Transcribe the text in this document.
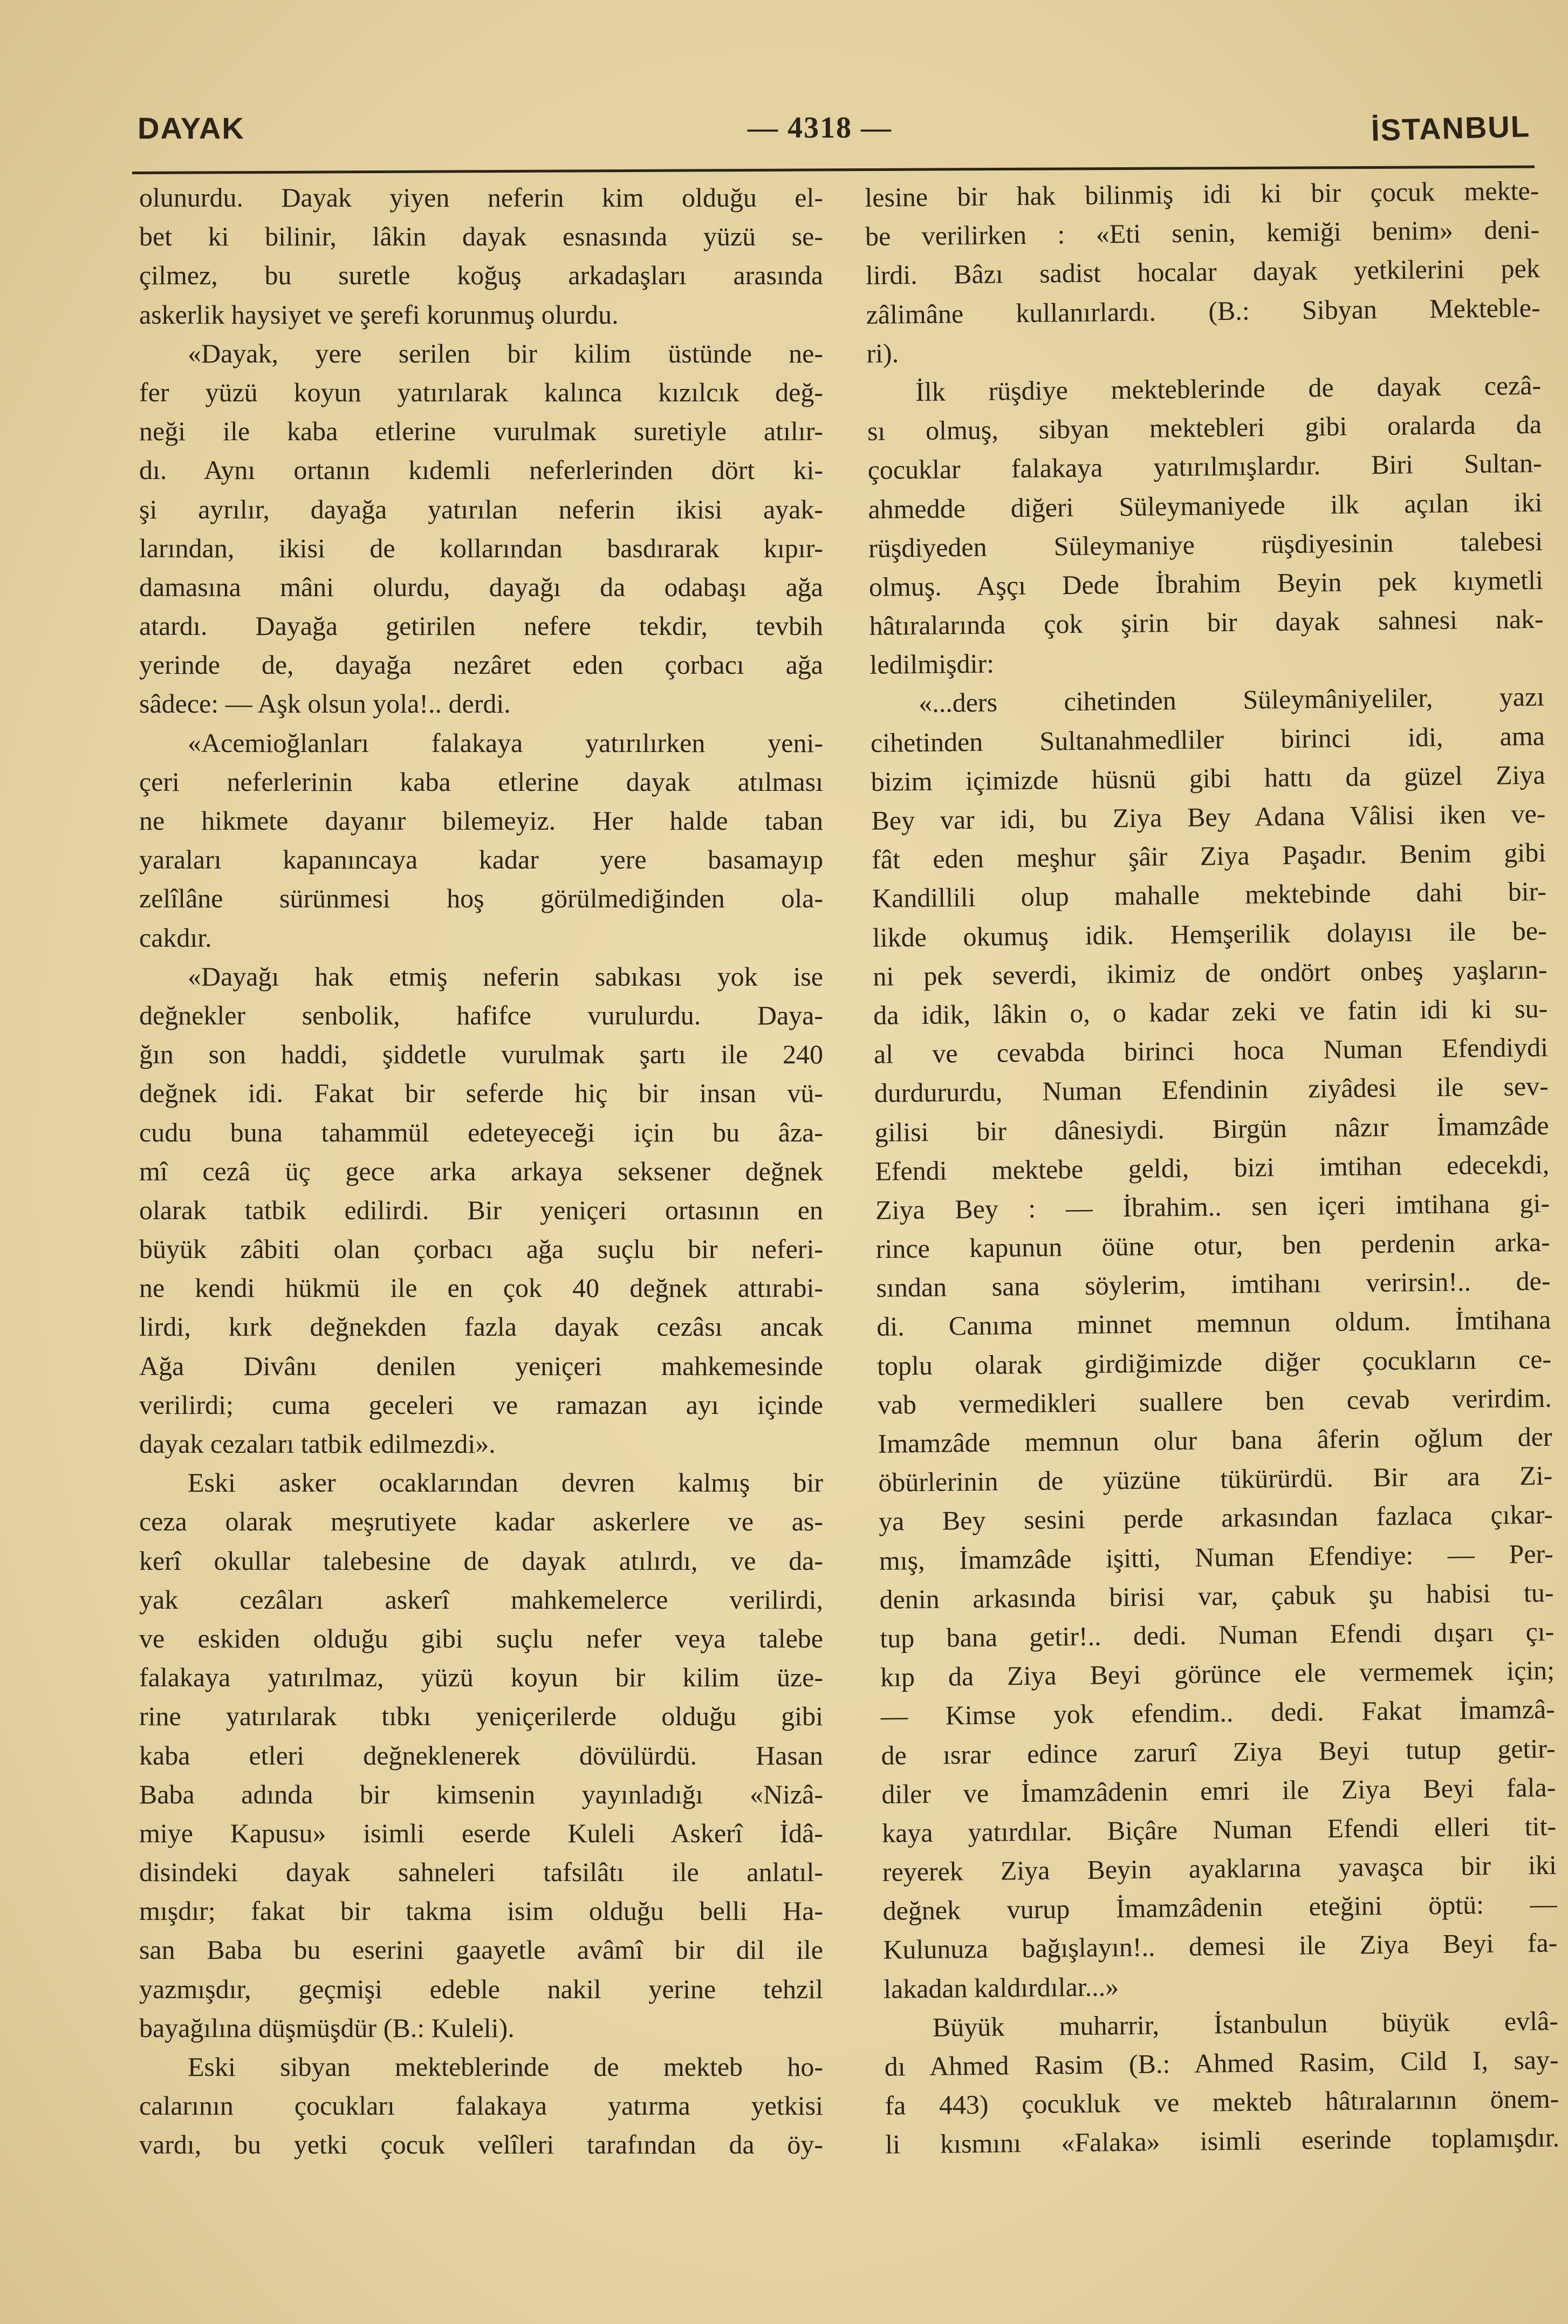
DAYAK	— 4318 —	İSTANBUL
olunurdu. Dayak yiyen neferin kim olduğu el-
bet ki bilinir, lâkin dayak esnasında yüzü se-
çilmez, bu suretle koğuş arkadaşları arasında
askerlik haysiyet ve şerefi korunmuş olurdu.
«Dayak, yere serilen bir kilim üstünde ne-
fer yüzü koyun yatırılarak kalınca kızılcık değ-
neği ile kaba etlerine vurulmak suretiyle atılır-
dı. Aynı ortanın kıdemli neferlerinden dört ki-
şi ayrılır, dayağa yatırılan neferin ikisi ayak-
larından, ikisi de kollarından basdırarak kıpır-
damasına mâni olurdu, dayağı da odabaşı ağa
atardı. Dayağa getirilen nefere tekdir, tevbih
yerinde de, dayağa nezâret eden çorbacı ağa
sâdece: — Aşk olsun yola!.. derdi.
«Acemioğlanları falakaya yatırılırken yeni-
çeri neferlerinin kaba etlerine dayak atılması
ne hikmete dayanır bilemeyiz. Her halde taban
yaraları kapanıncaya kadar yere basamayıp
zelîlâne sürünmesi hoş görülmediğinden ola-
cakdır.
«Dayağı hak etmiş neferin sabıkası yok ise
değnekler senbolik, hafifce vurulurdu. Daya-
ğın son haddi, şiddetle vurulmak şartı ile 240
değnek idi. Fakat bir seferde hiç bir insan vü-
cudu buna tahammül edeteyeceği için bu âza-
mî cezâ üç gece arka arkaya seksener değnek
olarak tatbik edilirdi. Bir yeniçeri ortasının en
büyük zâbiti olan çorbacı ağa suçlu bir neferi-
ne kendi hükmü ile en çok 40 değnek attırabi-
lirdi, kırk değnekden fazla dayak cezâsı ancak
Ağa Divânı denilen yeniçeri mahkemesinde
verilirdi; cuma geceleri ve ramazan ayı içinde
dayak cezaları tatbik edilmezdi».
Eski asker ocaklarından devren kalmış bir
ceza olarak meşrutiyete kadar askerlere ve as-
kerî okullar talebesine de dayak atılırdı, ve da-
yak cezâları askerî mahkemelerce verilirdi,
ve eskiden olduğu gibi suçlu nefer veya talebe
falakaya yatırılmaz, yüzü koyun bir kilim üze-
rine yatırılarak tıbkı yeniçerilerde olduğu gibi
kaba etleri değneklenerek dövülürdü. Hasan
Baba adında bir kimsenin yayınladığı «Nizâ-
miye Kapusu» isimli eserde Kuleli Askerî İdâ-
disindeki dayak sahneleri tafsilâtı ile anlatıl-
mışdır; fakat bir takma isim olduğu belli Ha-
san Baba bu eserini gaayetle avâmî bir dil ile
yazmışdır, geçmişi edeble nakil yerine tehzil
bayağılına düşmüşdür (B.: Kuleli).
Eski sibyan mekteblerinde de mekteb ho-
calarının çocukları falakaya yatırma yetkisi
vardı, bu yetki çocuk velîleri tarafından da öy-
lesine bir hak bilinmiş idi ki bir çocuk mekte-
be verilirken : «Eti senin, kemiği benim» deni-
lirdi. Bâzı sadist hocalar dayak yetkilerini pek
zâlimâne kullanırlardı. (B.: Sibyan Mekteble-
ri).
İlk rüşdiye mekteblerinde de dayak cezâ-
sı olmuş, sibyan mektebleri gibi oralarda da
çocuklar falakaya yatırılmışlardır. Biri Sultan-
ahmedde diğeri Süleymaniyede ilk açılan iki
rüşdiyeden Süleymaniye rüşdiyesinin talebesi
olmuş. Aşçı Dede İbrahim Beyin pek kıymetli
hâtıralarında çok şirin bir dayak sahnesi nak-
ledilmişdir:
«...ders cihetinden Süleymâniyeliler, yazı
cihetinden Sultanahmedliler birinci idi, ama
bizim içimizde hüsnü gibi hattı da güzel Ziya
Bey var idi, bu Ziya Bey Adana Vâlisi iken ve-
fât eden meşhur şâir Ziya Paşadır. Benim gibi
Kandillili olup mahalle mektebinde dahi bir-
likde okumuş idik. Hemşerilik dolayısı ile be-
ni pek severdi, ikimiz de ondört onbeş yaşların-
da idik, lâkin o, o kadar zeki ve fatin idi ki su-
al ve cevabda birinci hoca Numan Efendiydi
durdururdu, Numan Efendinin ziyâdesi ile sev-
gilisi bir dânesiydi. Birgün nâzır İmamzâde
Efendi mektebe geldi, bizi imtihan edecekdi,
Ziya Bey : — İbrahim.. sen içeri imtihana gi-
rince kapunun öüne otur, ben perdenin arka-
sından sana söylerim, imtihanı verirsin!.. de-
di. Canıma minnet memnun oldum. İmtihana
toplu olarak girdiğimizde diğer çocukların ce-
vab vermedikleri suallere ben cevab verirdim.
Imamzâde memnun olur bana âferin oğlum der
öbürlerinin de yüzüne tükürürdü. Bir ara Zi-
ya Bey sesini perde arkasından fazlaca çıkar-
mış, İmamzâde işitti, Numan Efendiye: — Per-
denin arkasında birisi var, çabuk şu habisi tu-
tup bana getir!.. dedi. Numan Efendi dışarı çı-
kıp da Ziya Beyi görünce ele vermemek için;
— Kimse yok efendim.. dedi. Fakat İmamzâ-
de ısrar edince zarurî Ziya Beyi tutup getir-
diler ve İmamzâdenin emri ile Ziya Beyi fala-
kaya yatırdılar. Biçâre Numan Efendi elleri tit-
reyerek Ziya Beyin ayaklarına yavaşca bir iki
değnek vurup İmamzâdenin eteğini öptü: —
Kulunuza bağışlayın!.. demesi ile Ziya Beyi fa-
lakadan kaldırdılar...»
Büyük muharrir, İstanbulun büyük evlâ-
dı Ahmed Rasim (B.: Ahmed Rasim, Cild I, say-
fa 443) çocukluk ve mekteb hâtıralarının önem-
li kısmını «Falaka» isimli eserinde toplamışdır.
